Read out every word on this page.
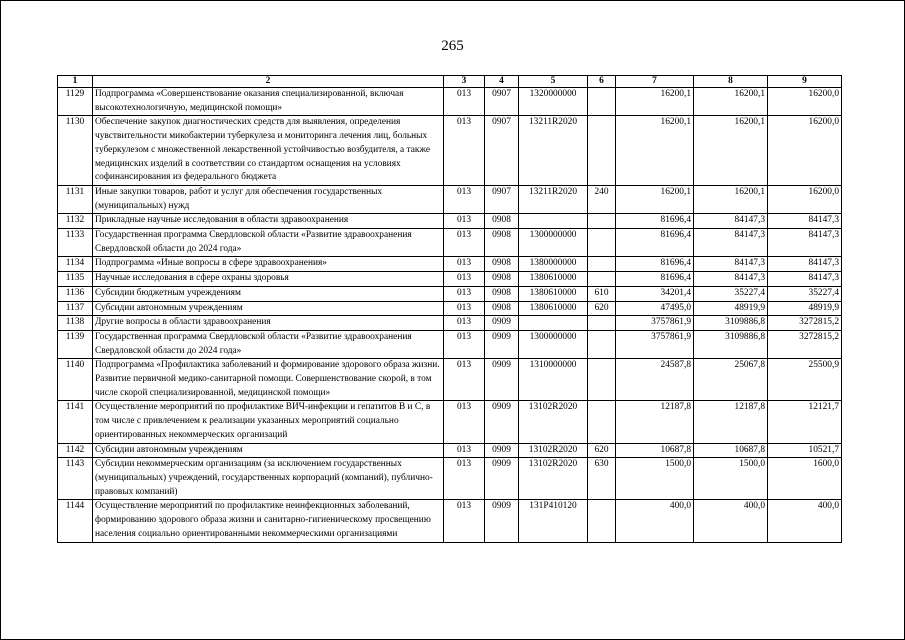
265
1	2	3	4	5	6	7	8	9
1129	Подпрограмма «Совершенствование оказания специализированной, включая высокотехнологичную, медицинской помощи»	013	0907	1320000000		16200,1	16200,1	16200,0
1130	Обеспечение закупок диагностических средств для выявления, определения чувствительности микобактерии туберкулеза и мониторинга лечения лиц, больных туберкулезом с множественной лекарственной устойчивостью возбудителя, а также медицинских изделий в соответствии со стандартом оснащения на условиях софинансирования из федерального бюджета	013	0907	13211R2020		16200,1	16200,1	16200,0
1131	Иные закупки товаров, работ и услуг для обеспечения государственных (муниципальных) нужд	013	0907	13211R2020	240	16200,1	16200,1	16200,0
1132	Прикладные научные исследования в области здравоохранения	013	0908			81696,4	84147,3	84147,3
1133	Государственная программа Свердловской области «Развитие здравоохранения Свердловской области до 2024 года»	013	0908	1300000000		81696,4	84147,3	84147,3
1134	Подпрограмма «Иные вопросы в сфере здравоохранения»	013	0908	1380000000		81696,4	84147,3	84147,3
1135	Научные исследования в сфере охраны здоровья	013	0908	1380610000		81696,4	84147,3	84147,3
1136	Субсидии бюджетным учреждениям	013	0908	1380610000	610	34201,4	35227,4	35227,4
1137	Субсидии автономным учреждениям	013	0908	1380610000	620	47495,0	48919,9	48919,9
1138	Другие вопросы в области здравоохранения	013	0909			3757861,9	3109886,8	3272815,2
1139	Государственная программа Свердловской области «Развитие здравоохранения Свердловской области до 2024 года»	013	0909	1300000000		3757861,9	3109886,8	3272815,2
1140	Подпрограмма «Профилактика заболеваний и формирование здорового образа жизни. Развитие первичной медико-санитарной помощи. Совершенствование скорой, в том числе скорой специализированной, медицинской помощи»	013	0909	1310000000		24587,8	25067,8	25500,9
1141	Осуществление мероприятий по профилактике ВИЧ-инфекции и гепатитов В и С, в том числе с привлечением к реализации указанных мероприятий социально ориентированных некоммерческих организаций	013	0909	13102R2020		12187,8	12187,8	12121,7
1142	Субсидии автономным учреждениям	013	0909	13102R2020	620	10687,8	10687,8	10521,7
1143	Субсидии некоммерческим организациям (за исключением государственных (муниципальных) учреждений, государственных корпораций (компаний), публично-правовых компаний)	013	0909	13102R2020	630	1500,0	1500,0	1600,0
1144	Осуществление мероприятий по профилактике неинфекционных заболеваний, формированию здорового образа жизни и санитарно-гигиеническому просвещению населения социально ориентированными некоммерческими организациями	013	0909	131P410120		400,0	400,0	400,0
